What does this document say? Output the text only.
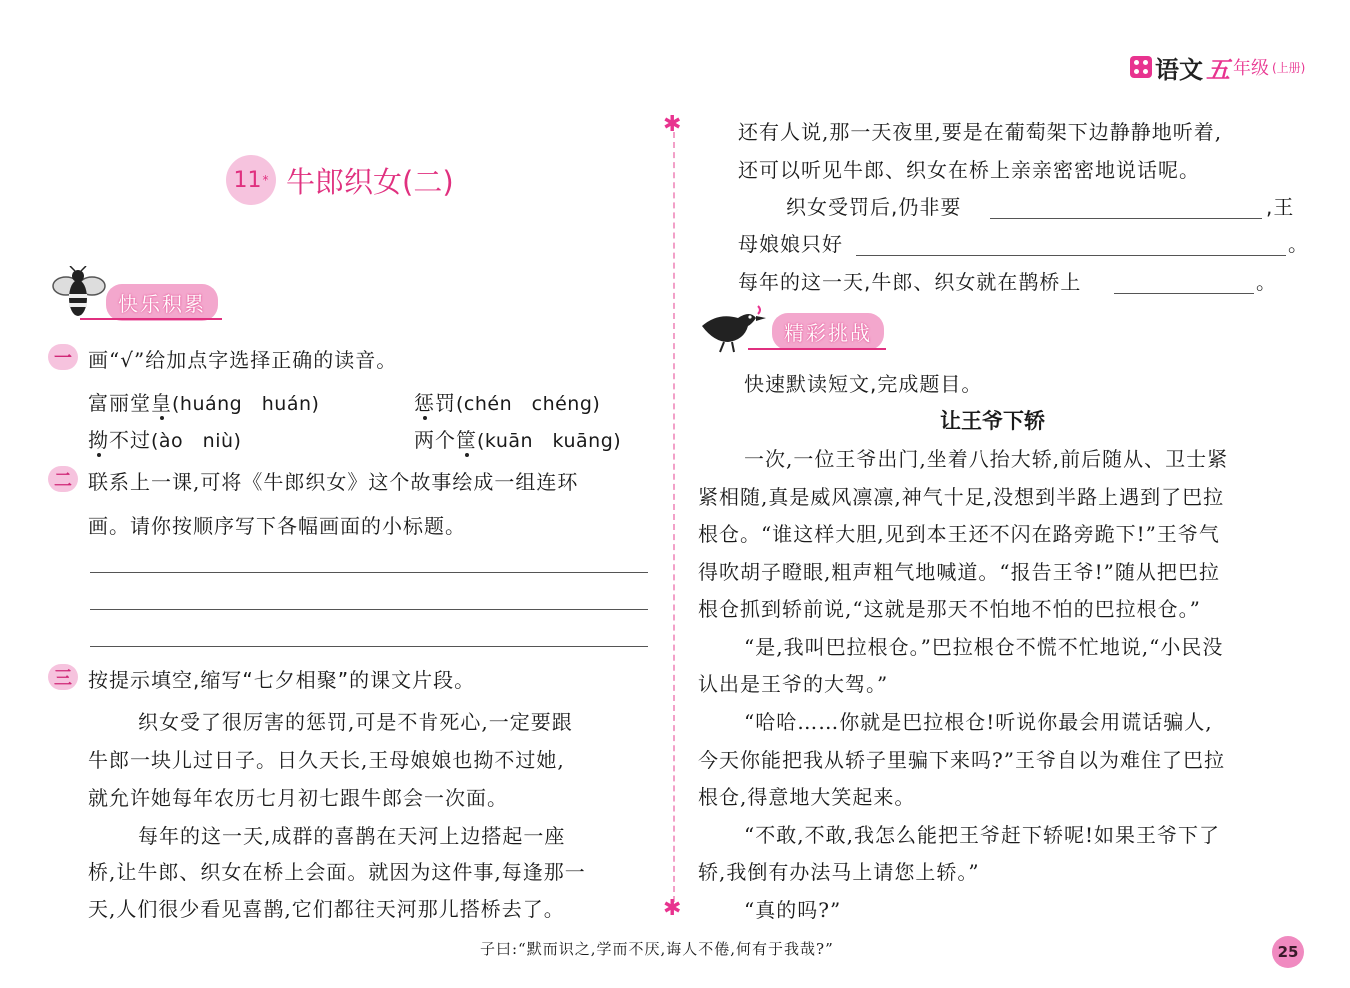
语文 五 年级 (上册)
11 * 牛郎织女(二)
快乐积累
一 画“√”给加点字选择正确的读音。
富丽堂皇(huáng　huán)	惩罚(chén　chéng)
拗不过(ào　niù)	两个筐(kuān　kuāng)
二 联系上一课,可将《牛郎织女》这个故事绘成一组连环
画。请你按顺序写下各幅画面的小标题。
三 按提示填空,缩写“七夕相聚”的课文片段。
织女受了很厉害的惩罚,可是不肯死心,一定要跟
牛郎一块儿过日子。日久天长,王母娘娘也拗不过她,
就允许她每年农历七月初七跟牛郎会一次面。
每年的这一天,成群的喜鹊在天河上边搭起一座
桥,让牛郎、织女在桥上会面。就因为这件事,每逢那一
天,人们很少看见喜鹊,它们都往天河那儿搭桥去了。
✱
✱
还有人说,那一天夜里,要是在葡萄架下边静静地听着,
还可以听见牛郎、织女在桥上亲亲密密地说话呢。
织女受罚后,仍非要	,王
母娘娘只好	。
每年的这一天,牛郎、织女就在鹊桥上	。
精彩挑战
快速默读短文,完成题目。
让王爷下轿
一次,一位王爷出门,坐着八抬大轿,前后随从、卫士紧
紧相随,真是威风凛凛,神气十足,没想到半路上遇到了巴拉
根仓。“谁这样大胆,见到本王还不闪在路旁跪下!”王爷气
得吹胡子瞪眼,粗声粗气地喊道。“报告王爷!”随从把巴拉
根仓抓到轿前说,“这就是那天不怕地不怕的巴拉根仓。”
“是,我叫巴拉根仓。”巴拉根仓不慌不忙地说,“小民没
认出是王爷的大驾。”
“哈哈……你就是巴拉根仓!听说你最会用谎话骗人,
今天你能把我从轿子里骗下来吗?”王爷自以为难住了巴拉
根仓,得意地大笑起来。
“不敢,不敢,我怎么能把王爷赶下轿呢!如果王爷下了
轿,我倒有办法马上请您上轿。”
“真的吗?”
子曰:“默而识之,学而不厌,诲人不倦,何有于我哉?”	25
